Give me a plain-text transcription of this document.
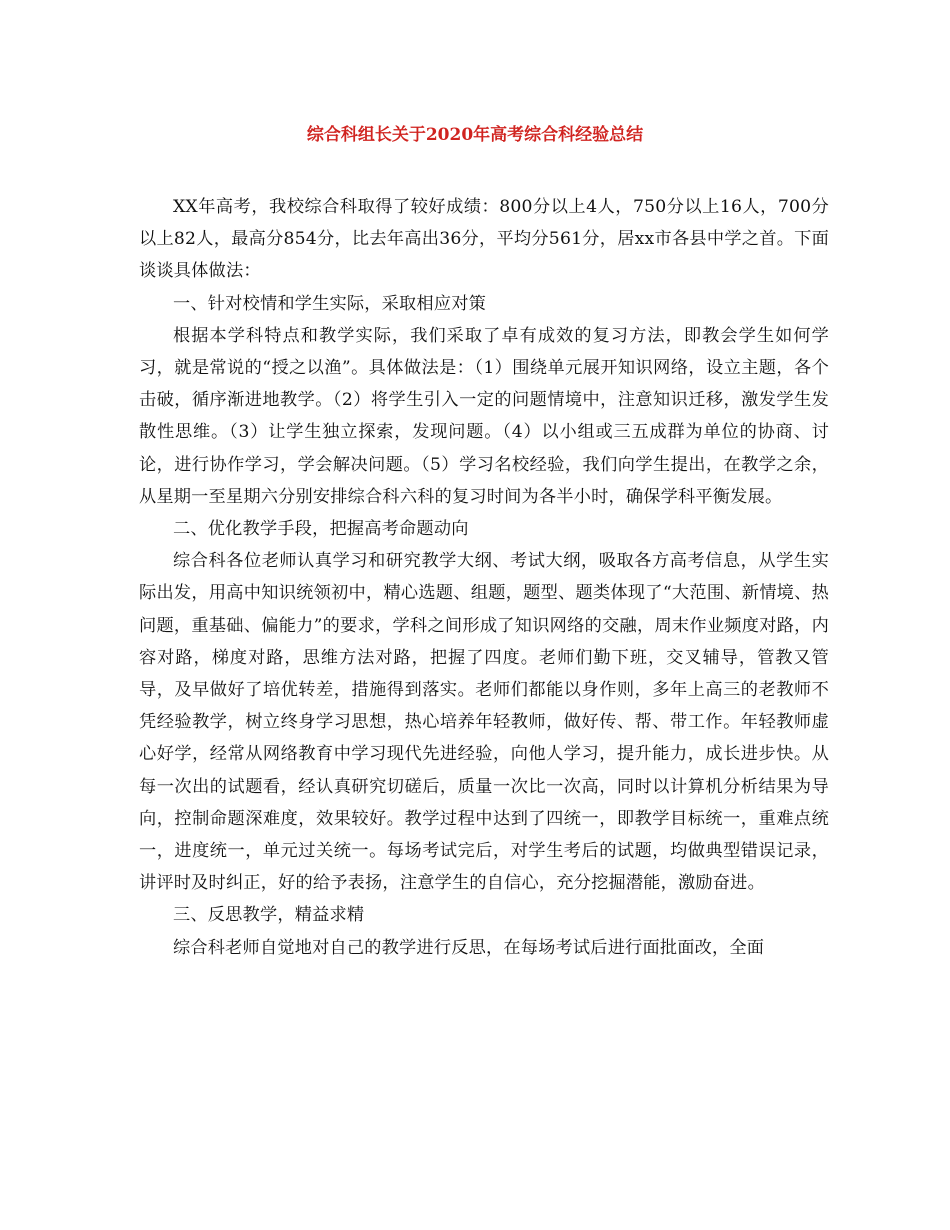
综合科组长关于2020年高考综合科经验总结

XX年高考，我校综合科取得了较好成绩：800分以上4人，750分以上16人，700分以上82人，最高分854分，比去年高出36分，平均分561分，居xx市各县中学之首。下面谈谈具体做法：

一、针对校情和学生实际，采取相应对策

根据本学科特点和教学实际，我们采取了卓有成效的复习方法，即教会学生如何学习，就是常说的“授之以渔”。具体做法是：（1）围绕单元展开知识网络，设立主题，各个击破，循序渐进地教学。（2）将学生引入一定的问题情境中，注意知识迁移，激发学生发散性思维。（3）让学生独立探索，发现问题。（4）以小组或三五成群为单位的协商、讨论，进行协作学习，学会解决问题。（5）学习名校经验，我们向学生提出，在教学之余，从星期一至星期六分别安排综合科六科的复习时间为各半小时，确保学科平衡发展。

二、优化教学手段，把握高考命题动向

综合科各位老师认真学习和研究教学大纲、考试大纲，吸取各方高考信息，从学生实际出发，用高中知识统领初中，精心选题、组题，题型、题类体现了“大范围、新情境、热问题，重基础、偏能力”的要求，学科之间形成了知识网络的交融，周末作业频度对路，内容对路，梯度对路，思维方法对路，把握了四度。老师们勤下班，交叉辅导，管教又管导，及早做好了培优转差，措施得到落实。老师们都能以身作则，多年上高三的老教师不凭经验教学，树立终身学习思想，热心培养年轻教师，做好传、帮、带工作。年轻教师虚心好学，经常从网络教育中学习现代先进经验，向他人学习，提升能力，成长进步快。从每一次出的试题看，经认真研究切磋后，质量一次比一次高，同时以计算机分析结果为导向，控制命题深难度，效果较好。教学过程中达到了四统一，即教学目标统一，重难点统一，进度统一，单元过关统一。每场考试完后，对学生考后的试题，均做典型错误记录，讲评时及时纠正，好的给予表扬，注意学生的自信心，充分挖掘潜能，激励奋进。

三、反思教学，精益求精

综合科老师自觉地对自己的教学进行反思，在每场考试后进行面批面改，全面
